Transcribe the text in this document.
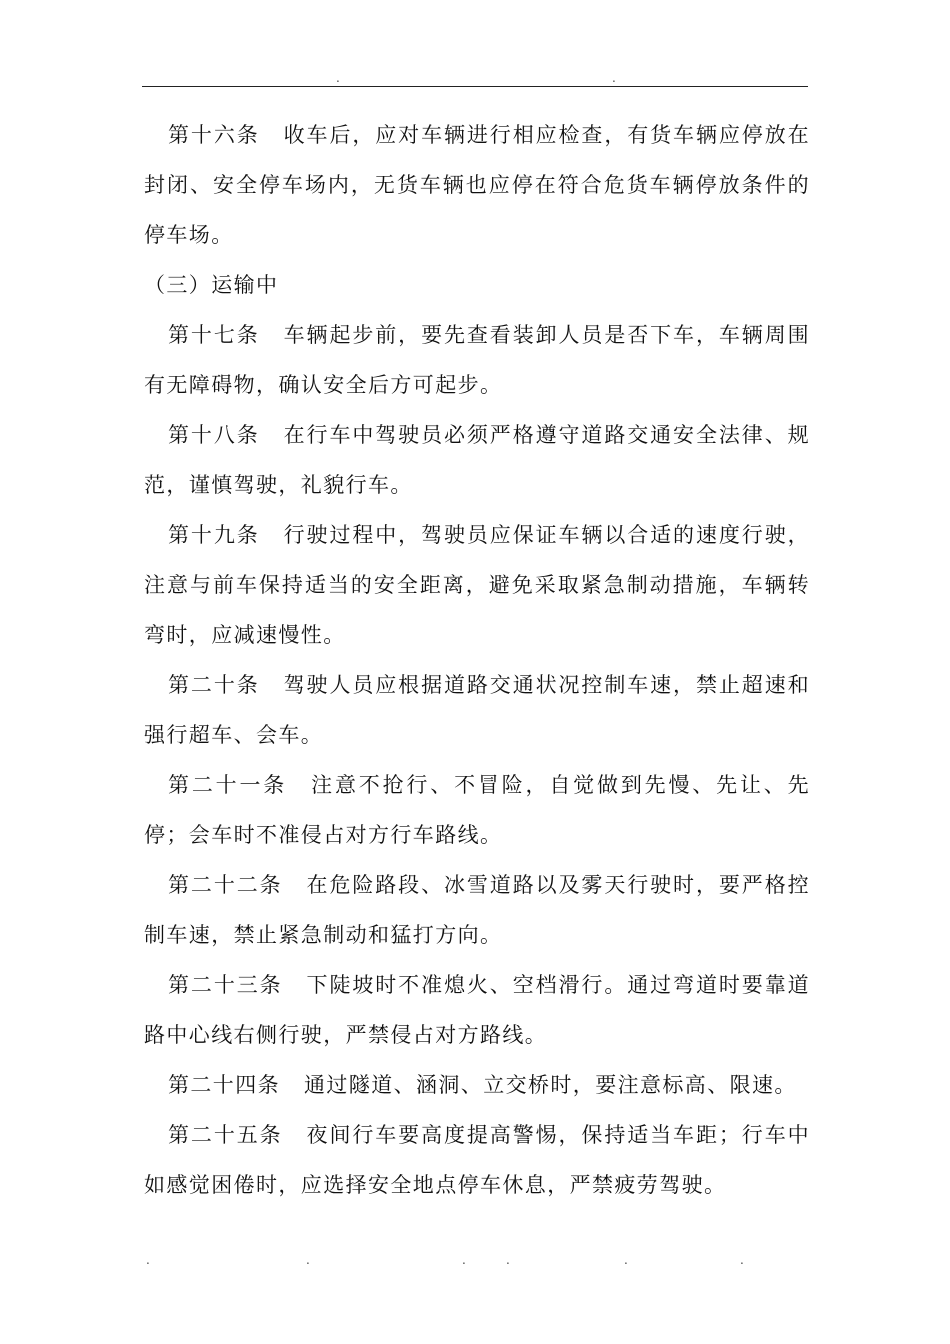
.	.

第十六条 收车后，应对车辆进行相应检查，有货车辆应停放在封闭、安全停车场内，无货车辆也应停在符合危货车辆停放条件的停车场。

（三）运输中

第十七条 车辆起步前，要先查看装卸人员是否下车，车辆周围有无障碍物，确认安全后方可起步。

第十八条 在行车中驾驶员必须严格遵守道路交通安全法律、规范，谨慎驾驶，礼貌行车。

第十九条 行驶过程中，驾驶员应保证车辆以合适的速度行驶，注意与前车保持适当的安全距离，避免采取紧急制动措施，车辆转弯时，应减速慢性。

第二十条 驾驶人员应根据道路交通状况控制车速，禁止超速和强行超车、会车。

第二十一条 注意不抢行、不冒险，自觉做到先慢、先让、先停；会车时不准侵占对方行车路线。

第二十二条 在危险路段、冰雪道路以及雾天行驶时，要严格控制车速，禁止紧急制动和猛打方向。

第二十三条 下陡坡时不准熄火、空档滑行。通过弯道时要靠道路中心线右侧行驶，严禁侵占对方路线。

第二十四条 通过隧道、涵洞、立交桥时，要注意标高、限速。

第二十五条 夜间行车要高度提高警惕，保持适当车距；行车中如感觉困倦时，应选择安全地点停车休息，严禁疲劳驾驶。

.	.	.	.	.	.
